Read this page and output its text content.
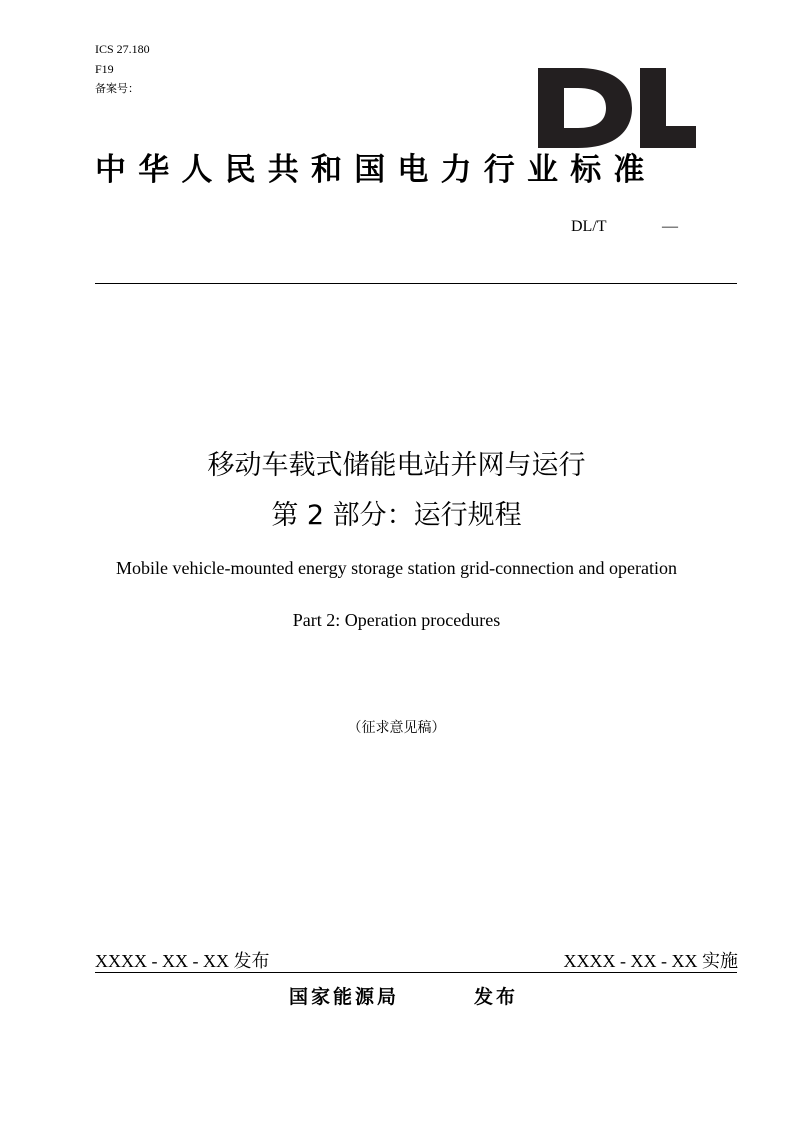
ICS 27.180
F19
备案号：
中华人民共和国电力行业标准
DL/T	—
移动车载式储能电站并网与运行
第 2 部分：运行规程
Mobile vehicle-mounted energy storage station grid-connection and operation
Part 2: Operation procedures
（征求意见稿）
XXXX - XX - XX 发布	XXXX - XX - XX 实施
国家能源局	发布
